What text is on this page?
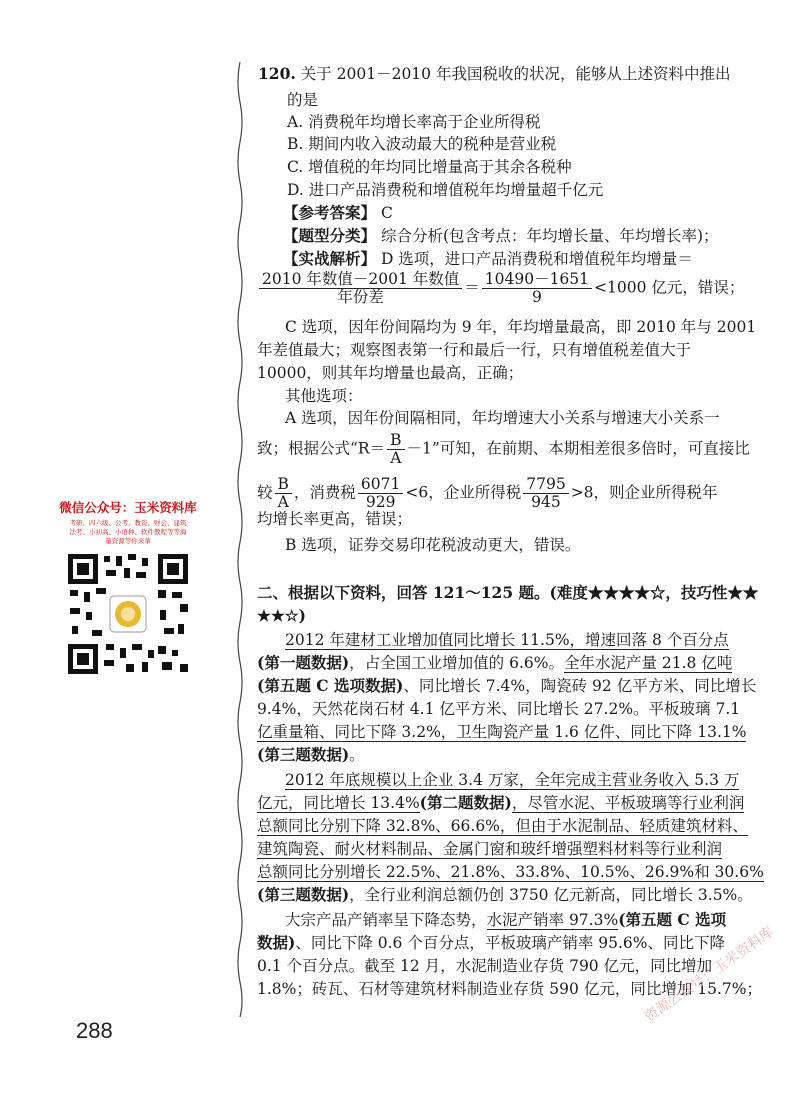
120. 关于 2001－2010 年我国税收的状况，能够从上述资料中推出
的是
A. 消费税年均增长率高于企业所得税
B. 期间内收入波动最大的税种是营业税
C. 增值税的年均同比增量高于其余各税种
D. 进口产品消费税和增值税年均增量超千亿元
【参考答案】 C
【题型分类】 综合分析(包含考点：年均增长量、年均增长率)；
【实战解析】 D 选项，进口产品消费税和增值税年均增量＝
$\frac{\text{2010 年数值－2001 年数值}}{\text{年份差}} = \frac{10490-1651}{9} <1000$ 亿元，错误；
C 选项，因年份间隔均为 9 年，年均增量最高，即 2010 年与 2001
年差值最大；观察图表第一行和最后一行，只有增值税差值大于
10000，则其年均增量也最高，正确；
其他选项：
A 选项，因年份间隔相同，年均增速大小关系与增速大小关系一
致；根据公式“$R= \frac{B}{A} -1$”可知，在前期、本期相差很多倍时，可直接比
较 $\frac{B}{A}$ ，消费税 $\frac{6071}{929} <6$，企业所得税 $\frac{7795}{945} >8$，则企业所得税年
均增长率更高，错误；
B 选项，证券交易印花税波动更大，错误。
二、根据以下资料，回答 121～125 题。(难度★★★★☆，技巧性★★
★★☆)
2012 年建材工业增加值同比增长 11.5%，增速回落 8 个百分点
(第一题数据)，占全国工业增加值的 6.6%。全年水泥产量 21.8 亿吨
(第五题 C 选项数据)、同比增长 7.4%，陶瓷砖 92 亿平方米、同比增长
9.4%，天然花岗石材 4.1 亿平方米、同比增长 27.2%。平板玻璃 7.1
亿重量箱、同比下降 3.2%，卫生陶瓷产量 1.6 亿件、同比下降 13.1%
(第三题数据)。
2012 年底规模以上企业 3.4 万家，全年完成主营业务收入 5.3 万
亿元，同比增长 13.4%(第二题数据)，尽管水泥、平板玻璃等行业利润
总额同比分别下降 32.8%、66.6%，但由于水泥制品、轻质建筑材料、
建筑陶瓷、耐火材料制品、金属门窗和玻纤增强塑料材料等行业利润
总额同比分别增长 22.5%、21.8%、33.8%、10.5%、26.9%和 30.6%
(第三题数据)，全行业利润总额仍创 3750 亿元新高，同比增长 3.5%。
大宗产品产销率呈下降态势，水泥产销率 97.3%(第五题 C 选项
数据)、同比下降 0.6 个百分点，平板玻璃产销率 95.6%、同比下降
0.1 个百分点。截至 12 月，水泥制造业存货 790 亿元，同比增加
1.8%；砖瓦、石材等建筑材料制造业存货 590 亿元，同比增加 15.7%；
微信公众号：玉米资料库
考研、四六级、公考、教资、财会、建筑
法考、小初高、小语种、软件教程等等海
量资源等你来拿
288
资源公众号：玉米资料库
